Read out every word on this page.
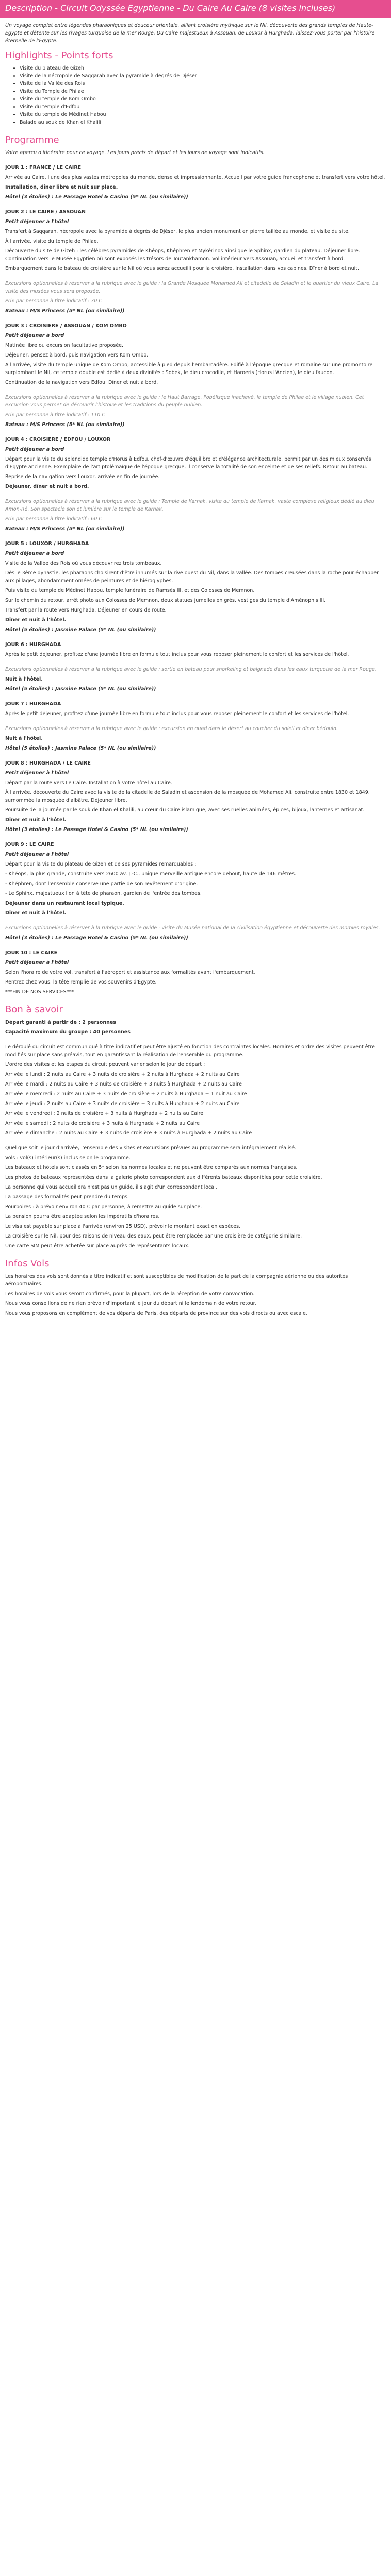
Description - Circuit Odyssée Egyptienne - Du Caire Au Caire (8 visites incluses)

Un voyage complet entre légendes pharaoniques et douceur orientale, alliant croisière mythique sur le Nil, découverte des grands temples de Haute-Égypte et détente sur les rivages turquoise de la mer Rouge. Du Caire majestueux à Assouan, de Louxor à Hurghada, laissez-vous porter par l'histoire éternelle de l'Égypte.

Highlights - Points forts
• Visite du plateau de Gizeh
• Visite de la nécropole de Saqqarah avec la pyramide à degrés de Djéser
• Visite de la Vallée des Rois
• Visite du Temple de Philae
• Visite du temple de Kom Ombo
• Visite du temple d'Edfou
• Visite du temple de Médinet Habou
• Balade au souk de Khan el Khalili
Programme

Votre aperçu d'itinéraire pour ce voyage. Les jours précis de départ et les jours de voyage sont indicatifs.

JOUR 1 : FRANCE / LE CAIRE

Arrivée au Caire, l'une des plus vastes métropoles du monde, dense et impressionnante. Accueil par votre guide francophone et transfert vers votre hôtel.

Installation, dîner libre et nuit sur place.

Hôtel (3 étoiles) : Le Passage Hotel & Casino (5* NL (ou similaire))

JOUR 2 : LE CAIRE / ASSOUAN

Petit déjeuner à l'hôtel

Transfert à Saqqarah, nécropole avec la pyramide à degrés de Djéser, le plus ancien monument en pierre taillée au monde, et visite du site.

À l'arrivée, visite du temple de Philae.

Découverte du site de Gizeh : les célèbres pyramides de Khéops, Khéphren et Mykérinos ainsi que le Sphinx, gardien du plateau. Déjeuner libre. Continuation vers le Musée Égyptien où sont exposés les trésors de Toutankhamon. Vol intérieur vers Assouan, accueil et transfert à bord.

Embarquement dans le bateau de croisière sur le Nil où vous serez accueilli pour la croisière. Installation dans vos cabines. Dîner à bord et nuit.

Excursions optionnelles à réserver à la rubrique avec le guide : la Grande Mosquée Mohamed Ali et citadelle de Saladin et le quartier du vieux Caire. La visite des musées vous sera proposée.

Prix par personne à titre indicatif : 70 €

Bateau : M/S Princess (5* NL (ou similaire))

JOUR 3 : CROISIERE / ASSOUAN / KOM OMBO

Petit déjeuner à bord

Matinée libre ou excursion facultative proposée.

Déjeuner, pensez à bord, puis navigation vers Kom Ombo.

À l'arrivée, visite du temple unique de Kom Ombo, accessible à pied depuis l'embarcadère. Édifié à l'époque grecque et romaine sur une promontoire surplombant le Nil, ce temple double est dédié à deux divinités : Sobek, le dieu crocodile, et Haroeris (Horus l'Ancien), le dieu faucon.

Continuation de la navigation vers Edfou. Dîner et nuit à bord.

Excursions optionnelles à réserver à la rubrique avec le guide : le Haut Barrage, l'obélisque inachevé, le temple de Philae et le village nubien. Cet excursion vous permet de découvrir l'histoire et les traditions du peuple nubien.

Prix par personne à titre indicatif : 110 €

Bateau : M/S Princess (5* NL (ou similaire))

JOUR 4 : CROISIERE / EDFOU / LOUXOR

Petit déjeuner à bord

Départ pour la visite du splendide temple d'Horus à Edfou, chef-d'œuvre d'équilibre et d'élégance architecturale, permit par un des mieux conservés d'Égypte ancienne. Exemplaire de l'art ptolémaïque de l'époque grecque, il conserve la totalité de son enceinte et de ses reliefs. Retour au bateau.

Reprise de la navigation vers Louxor, arrivée en fin de journée.

Déjeuner, dîner et nuit à bord.

Excursions optionnelles à réserver à la rubrique avec le guide : Temple de Karnak, visite du temple de Karnak, vaste complexe religieux dédié au dieu Amon-Ré. Son spectacle son et lumière sur le temple de Karnak.

Prix par personne à titre indicatif : 60 €

Bateau : M/S Princess (5* NL (ou similaire))

JOUR 5 : LOUXOR / HURGHADA

Petit déjeuner à bord

Visite de la Vallée des Rois où vous découvrirez trois tombeaux.

Dès le 3ème dynastie, les pharaons choisirent d'être inhumés sur la rive ouest du Nil, dans la vallée. Des tombes creusées dans la roche pour échapper aux pillages, abondamment ornées de peintures et de hiéroglyphes.

Puis visite du temple de Médinet Habou, temple funéraire de Ramsès III, et des Colosses de Memnon.

Sur le chemin du retour, arrêt photo aux Colosses de Memnon, deux statues jumelles en grès, vestiges du temple d'Aménophis III.

Transfert par la route vers Hurghada. Déjeuner en cours de route.

Dîner et nuit à l'hôtel.

Hôtel (5 étoiles) : Jasmine Palace (5* NL (ou similaire))

JOUR 6 : HURGHADA

Après le petit déjeuner, profitez d'une journée libre en formule tout inclus pour vous reposer pleinement le confort et les services de l'hôtel.

Excursions optionnelles à réserver à la rubrique avec le guide : sortie en bateau pour snorkeling et baignade dans les eaux turquoise de la mer Rouge.

Nuit à l'hôtel.

Hôtel (5 étoiles) : Jasmine Palace (5* NL (ou similaire))

JOUR 7 : HURGHADA

Après le petit déjeuner, profitez d'une journée libre en formule tout inclus pour vous reposer pleinement le confort et les services de l'hôtel.

Excursions optionnelles à réserver à la rubrique avec le guide : excursion en quad dans le désert au coucher du soleil et dîner bédouin.

Nuit à l'hôtel.

Hôtel (5 étoiles) : Jasmine Palace (5* NL (ou similaire))

JOUR 8 : HURGHADA / LE CAIRE

Petit déjeuner à l'hôtel

Départ par la route vers Le Caire. Installation à votre hôtel au Caire.

À l'arrivée, découverte du Caire avec la visite de la citadelle de Saladin et ascension de la mosquée de Mohamed Ali, construite entre 1830 et 1849, surnommée la mosquée d'albâtre. Déjeuner libre.

Poursuite de la journée par le souk de Khan el Khalili, au cœur du Caire islamique, avec ses ruelles animées, épices, bijoux, lanternes et artisanat.

Dîner et nuit à l'hôtel.

Hôtel (3 étoiles) : Le Passage Hotel & Casino (5* NL (ou similaire))

JOUR 9 : LE CAIRE

Petit déjeuner à l'hôtel

Départ pour la visite du plateau de Gizeh et de ses pyramides remarquables :

- Khéops, la plus grande, construite vers 2600 av. J.-C., unique merveille antique encore debout, haute de 146 mètres.

- Khéphren, dont l'ensemble conserve une partie de son revêtement d'origine.

- Le Sphinx, majestueux lion à tête de pharaon, gardien de l'entrée des tombes.

Déjeuner dans un restaurant local typique.

Dîner et nuit à l'hôtel.

Excursions optionnelles à réserver à la rubrique avec le guide : visite du Musée national de la civilisation égyptienne et découverte des momies royales.

Hôtel (3 étoiles) : Le Passage Hotel & Casino (5* NL (ou similaire))

JOUR 10 : LE CAIRE

Petit déjeuner à l'hôtel

Selon l'horaire de votre vol, transfert à l'aéroport et assistance aux formalités avant l'embarquement.

Rentrez chez vous, la tête remplie de vos souvenirs d'Égypte.

***FIN DE NOS SERVICES***

Bon à savoir

Départ garanti à partir de : 2 personnes

Capacité maximum du groupe : 40 personnes

Le déroulé du circuit est communiqué à titre indicatif et peut être ajusté en fonction des contraintes locales. Horaires et ordre des visites peuvent être modifiés sur place sans préavis, tout en garantissant la réalisation de l'ensemble du programme.

L'ordre des visites et les étapes du circuit peuvent varier selon le jour de départ :

Arrivée le lundi : 2 nuits au Caire + 3 nuits de croisière + 2 nuits à Hurghada + 2 nuits au Caire

Arrivée le mardi : 2 nuits au Caire + 3 nuits de croisière + 3 nuits à Hurghada + 2 nuits au Caire

Arrivée le mercredi : 2 nuits au Caire + 3 nuits de croisière + 2 nuits à Hurghada + 1 nuit au Caire

Arrivée le jeudi : 2 nuits au Caire + 3 nuits de croisière + 3 nuits à Hurghada + 2 nuits au Caire

Arrivée le vendredi : 2 nuits de croisière + 3 nuits à Hurghada + 2 nuits au Caire

Arrivée le samedi : 2 nuits de croisière + 3 nuits à Hurghada + 2 nuits au Caire

Arrivée le dimanche : 2 nuits au Caire + 3 nuits de croisière + 3 nuits à Hurghada + 2 nuits au Caire

Quel que soit le jour d'arrivée, l'ensemble des visites et excursions prévues au programme sera intégralement réalisé.

Vols : vol(s) intérieur(s) inclus selon le programme.

Les bateaux et hôtels sont classés en 5* selon les normes locales et ne peuvent être comparés aux normes françaises.

Les photos de bateaux représentées dans la galerie photo correspondent aux différents bateaux disponibles pour cette croisière.

La personne qui vous accueillera n'est pas un guide, il s'agit d'un correspondant local.

La passage des formalités peut prendre du temps.

Pourboires : à prévoir environ 40 € par personne, à remettre au guide sur place.

La pension pourra être adaptée selon les impératifs d'horaires.

Le visa est payable sur place à l'arrivée (environ 25 USD), prévoir le montant exact en espèces.

La croisière sur le Nil, pour des raisons de niveau des eaux, peut être remplacée par une croisière de catégorie similaire.

Une carte SIM peut être achetée sur place auprès de représentants locaux.

Infos Vols

Les horaires des vols sont donnés à titre indicatif et sont susceptibles de modification de la part de la compagnie aérienne ou des autorités aéroportuaires.

Les horaires de vols vous seront confirmés, pour la plupart, lors de la réception de votre convocation.

Nous vous conseillons de ne rien prévoir d'important le jour du départ ni le lendemain de votre retour.

Nous vous proposons en complément de vos départs de Paris, des départs de province sur des vols directs ou avec escale.
